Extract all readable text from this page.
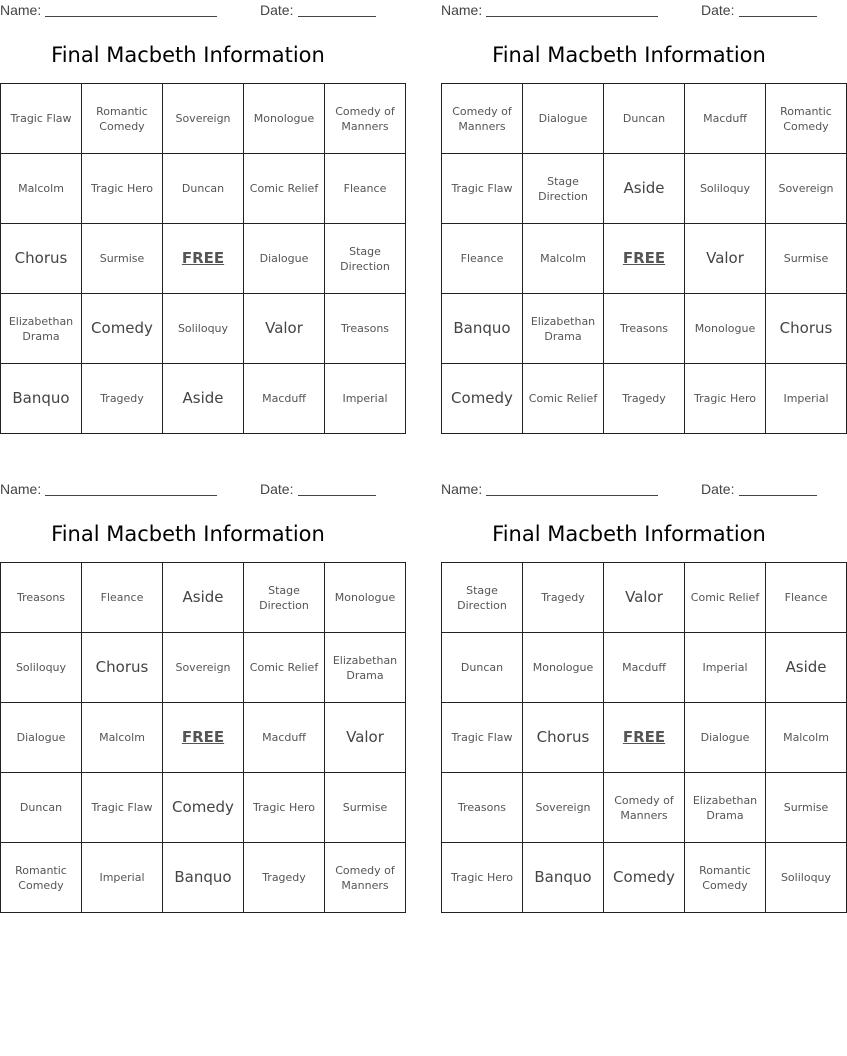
Name:	Date:
Final Macbeth Information
Tragic Flaw	Romantic Comedy	Sovereign	Monologue	Comedy of Manners
Malcolm	Tragic Hero	Duncan	Comic Relief	Fleance
Chorus	Surmise	FREE	Dialogue	Stage Direction
Elizabethan Drama	Comedy	Soliloquy	Valor	Treasons
Banquo	Tragedy	Aside	Macduff	Imperial
Name:	Date:
Final Macbeth Information
Comedy of Manners	Dialogue	Duncan	Macduff	Romantic Comedy
Tragic Flaw	Stage Direction	Aside	Soliloquy	Sovereign
Fleance	Malcolm	FREE	Valor	Surmise
Banquo	Elizabethan Drama	Treasons	Monologue	Chorus
Comedy	Comic Relief	Tragedy	Tragic Hero	Imperial
Name:	Date:
Final Macbeth Information
Treasons	Fleance	Aside	Stage Direction	Monologue
Soliloquy	Chorus	Sovereign	Comic Relief	Elizabethan Drama
Dialogue	Malcolm	FREE	Macduff	Valor
Duncan	Tragic Flaw	Comedy	Tragic Hero	Surmise
Romantic Comedy	Imperial	Banquo	Tragedy	Comedy of Manners
Name:	Date:
Final Macbeth Information
Stage Direction	Tragedy	Valor	Comic Relief	Fleance
Duncan	Monologue	Macduff	Imperial	Aside
Tragic Flaw	Chorus	FREE	Dialogue	Malcolm
Treasons	Sovereign	Comedy of Manners	Elizabethan Drama	Surmise
Tragic Hero	Banquo	Comedy	Romantic Comedy	Soliloquy
